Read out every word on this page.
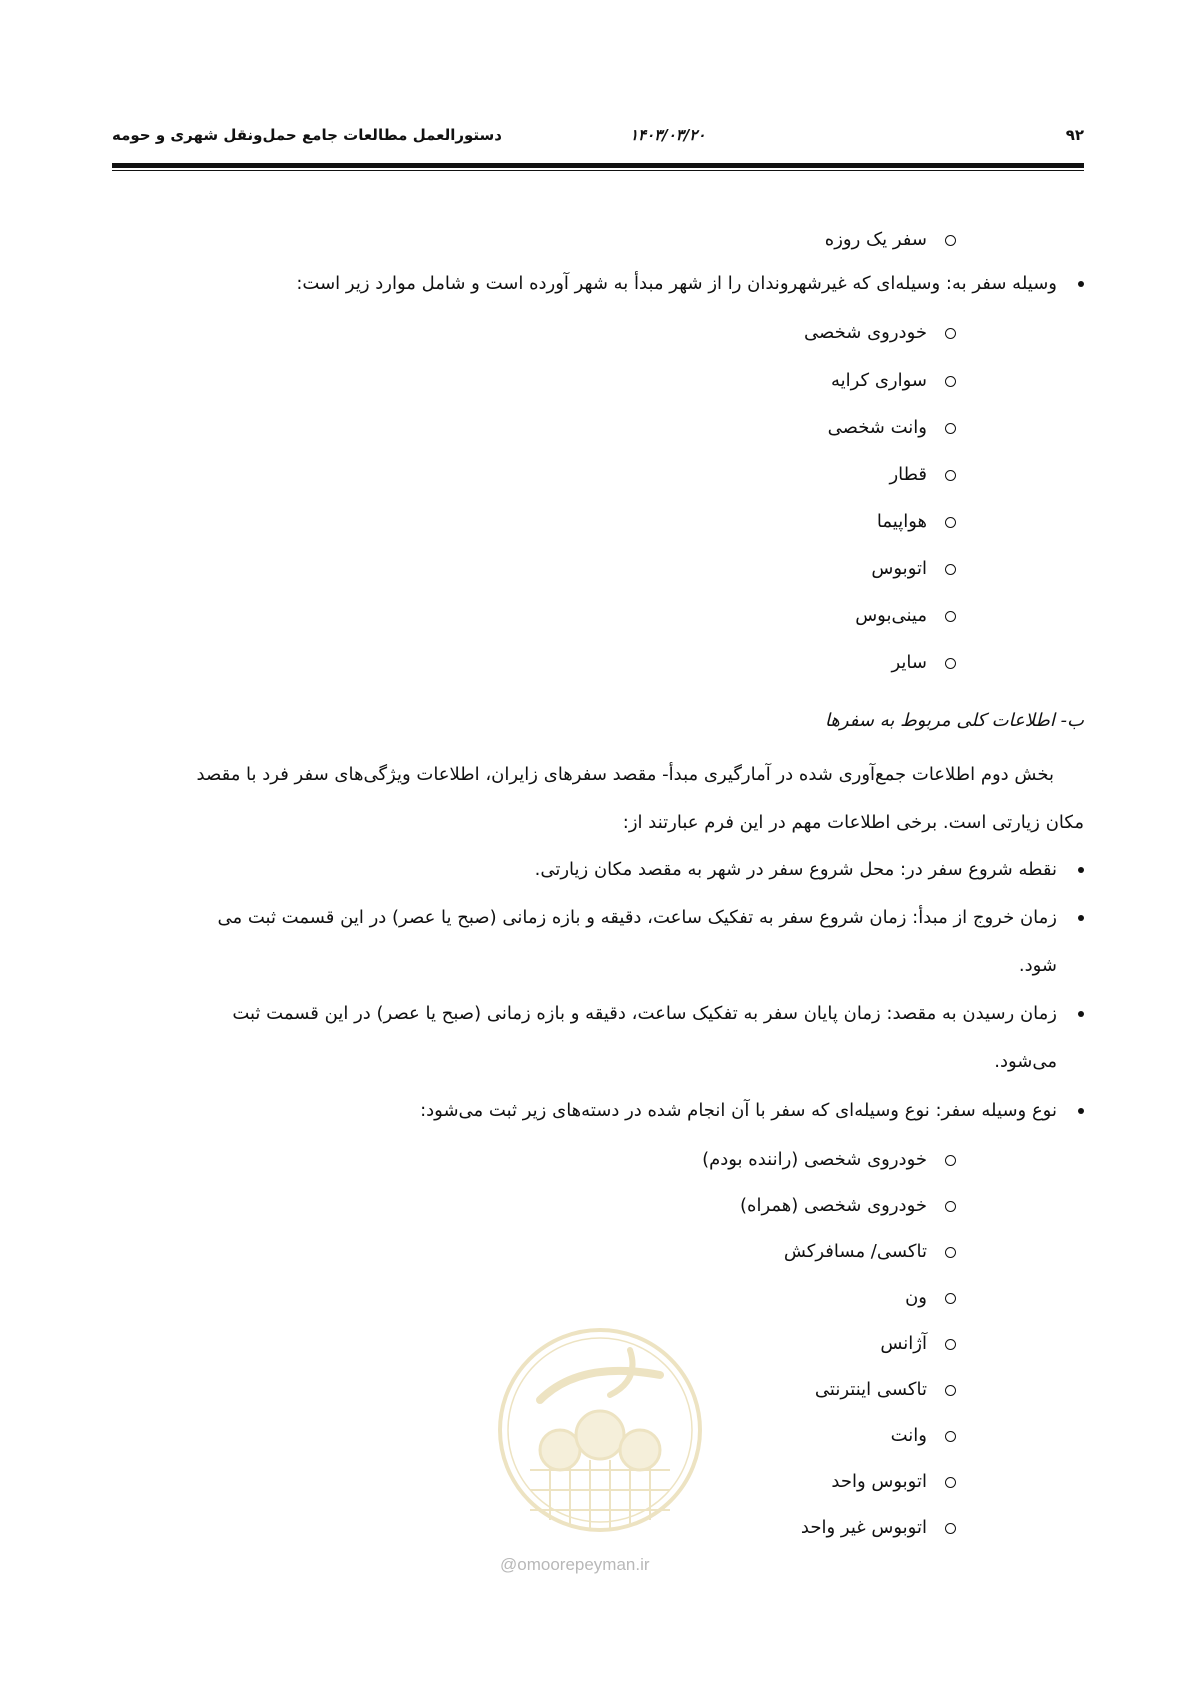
دستورالعمل مطالعات جامع حمل‌ونقل شهری و حومه	۱۴۰۳/۰۳/۲۰	۹۲
سفر یک روزه
وسیله سفر به: وسیله‌ای که غیرشهروندان را از شهر مبدأ به شهر آورده است و شامل موارد زیر است:
خودروی شخصی
سواری کرایه
وانت شخصی
قطار
هواپیما
اتوبوس
مینی‌بوس
سایر
ب- اطلاعات کلی مربوط به سفرها
بخش دوم اطلاعات جمع‌آوری شده در آمارگیری مبدأ- مقصد سفرهای زایران، اطلاعات ویژگی‌های سفر فرد با مقصد
مکان زیارتی است. برخی اطلاعات مهم در این فرم عبارتند از:
نقطه شروع سفر در: محل شروع سفر در شهر به مقصد مکان زیارتی.
زمان خروج از مبدأ: زمان شروع سفر به تفکیک ساعت، دقیقه و بازه زمانی (صبح یا عصر) در این قسمت ثبت می
شود.
زمان رسیدن به مقصد: زمان پایان سفر به تفکیک ساعت، دقیقه و بازه زمانی (صبح یا عصر) در این قسمت ثبت
می‌شود.
نوع وسیله سفر: نوع وسیله‌ای که سفر با آن انجام شده در دسته‌های زیر ثبت می‌شود:
خودروی شخصی (راننده بودم)
خودروی شخصی (همراه)
تاکسی/ مسافرکش
ون
آژانس
تاکسی اینترنتی
وانت
اتوبوس واحد
اتوبوس غیر واحد
@omoorepeyman.ir
